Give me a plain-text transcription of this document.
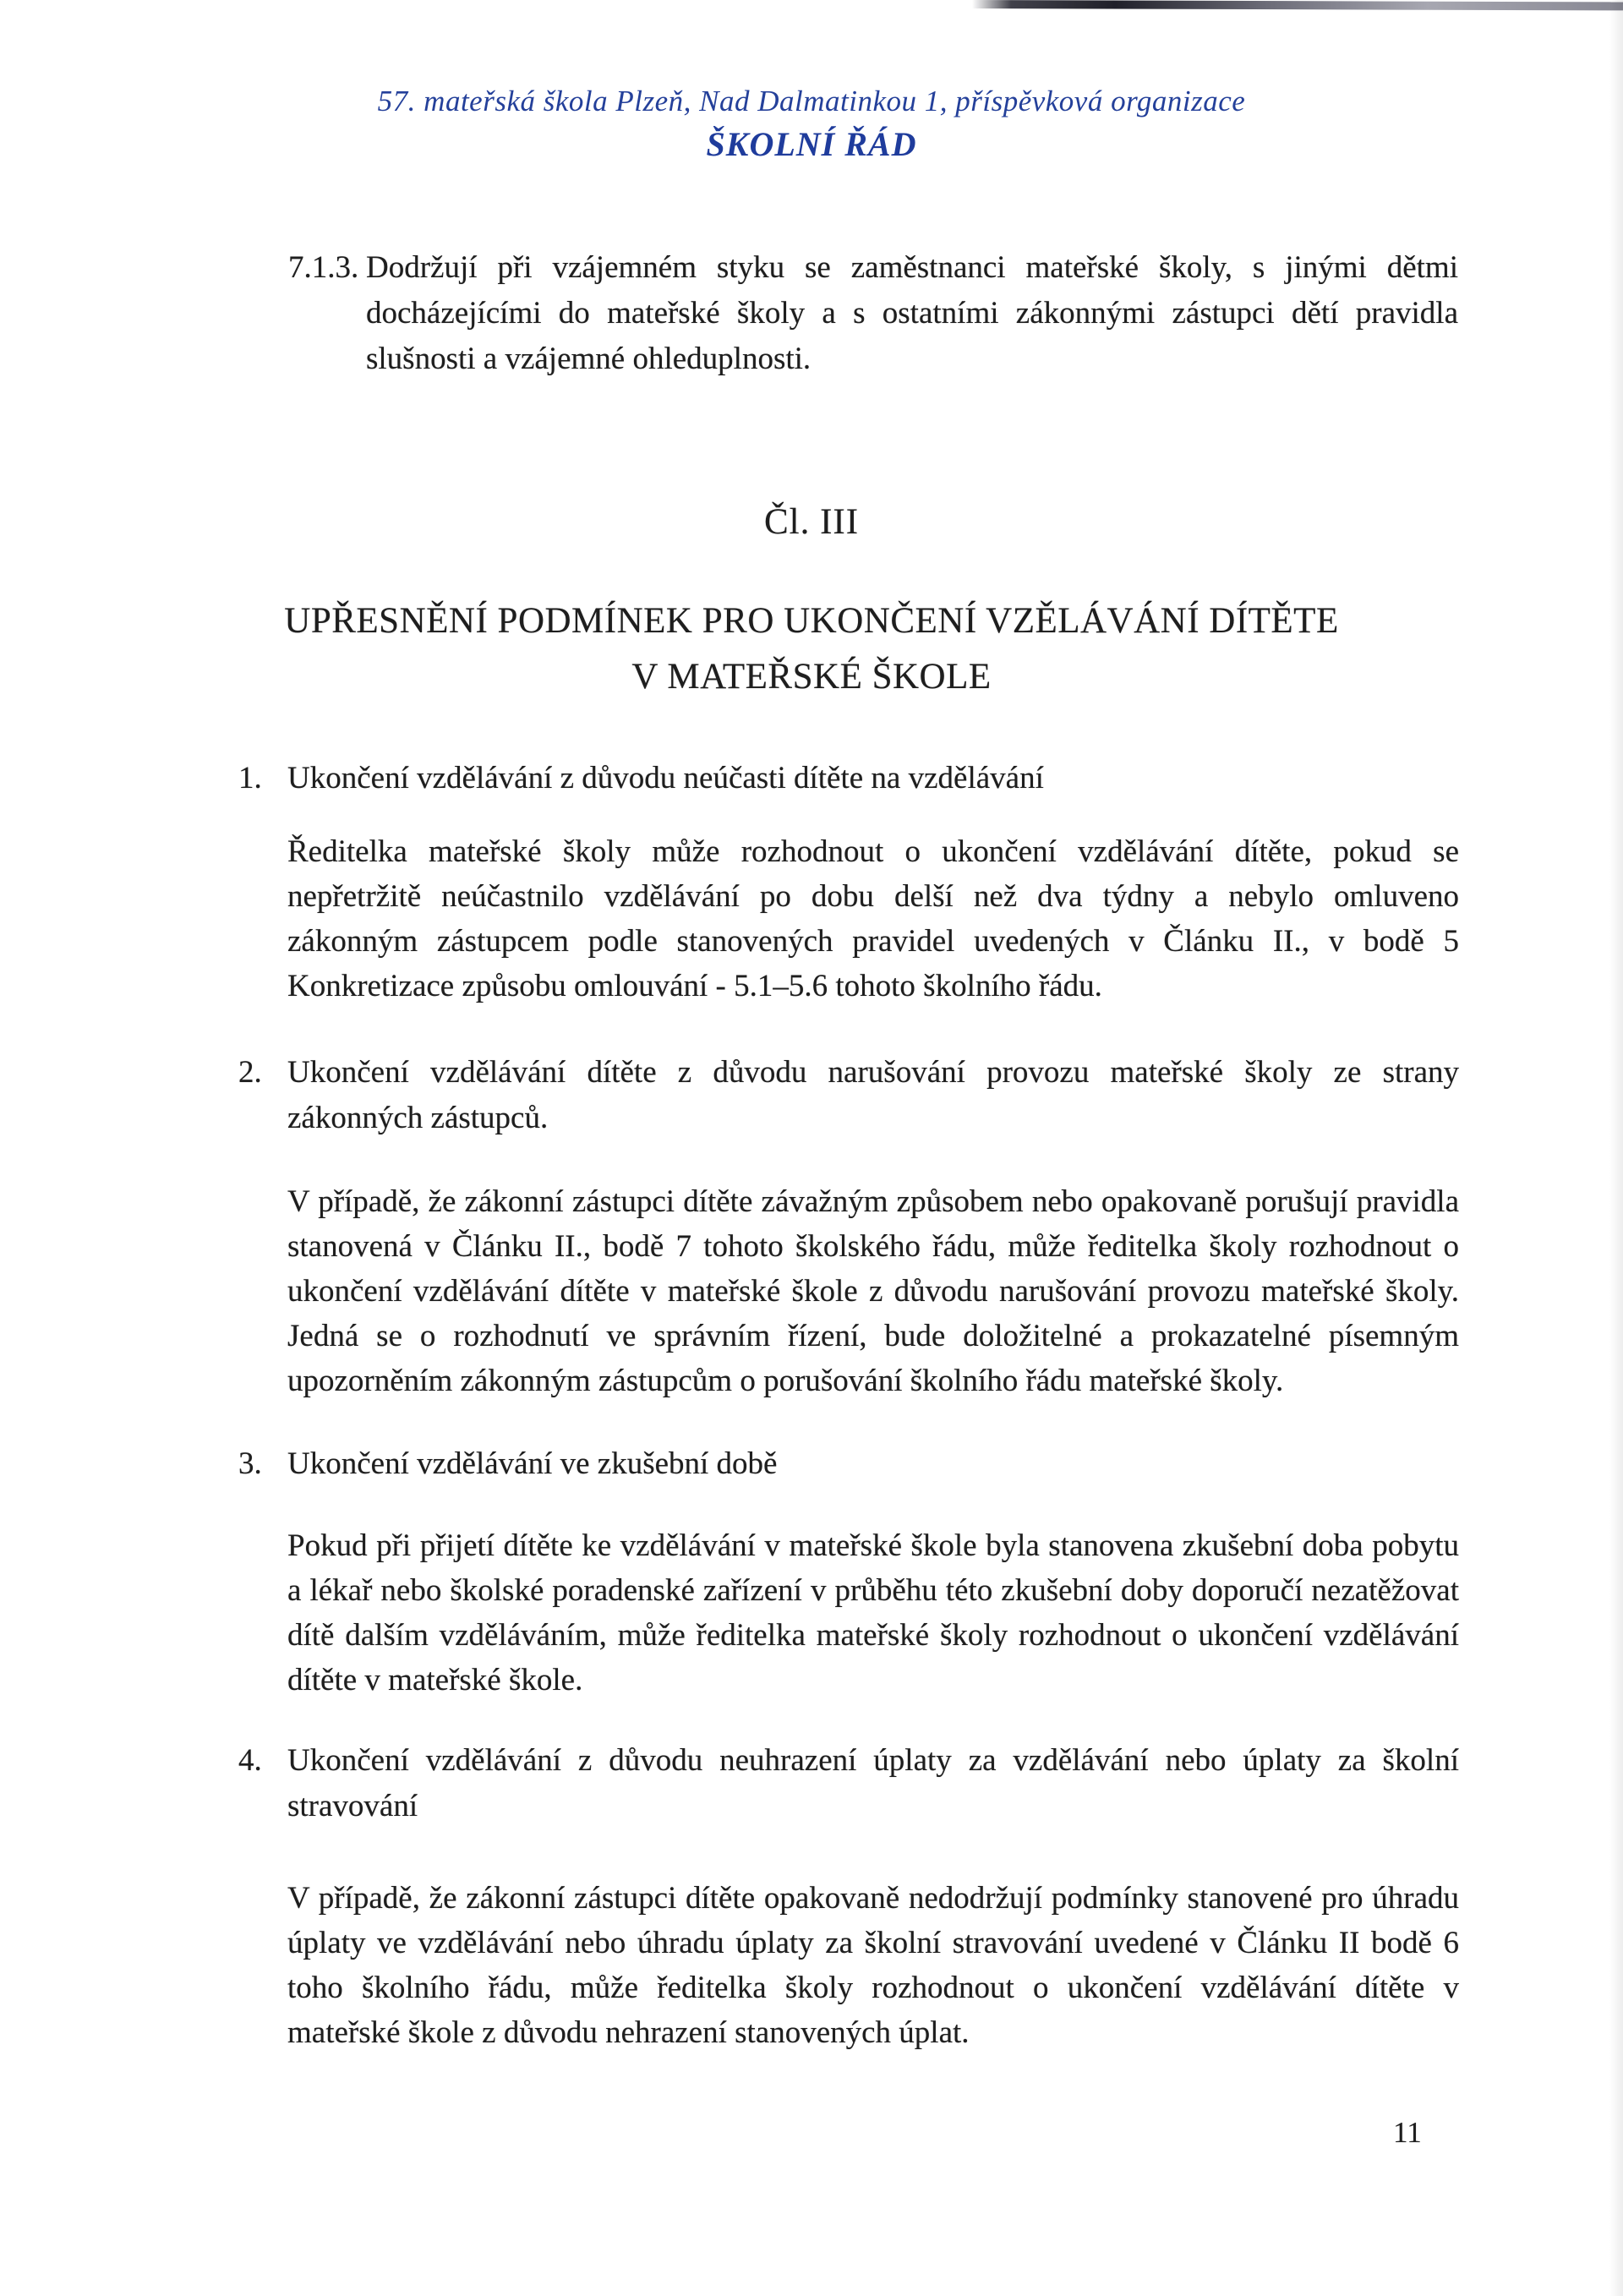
57. mateřská škola Plzeň, Nad Dalmatinkou 1, příspěvková organizace
ŠKOLNÍ ŘÁD
7.1.3. Dodržují při vzájemném styku se zaměstnanci mateřské školy, s jinými dětmi docházejícími do mateřské školy a s ostatními zákonnými zástupci dětí pravidla slušnosti a vzájemné ohleduplnosti.
Čl. III
UPŘESNĚNÍ PODMÍNEK PRO UKONČENÍ VZĚLÁVÁNÍ DÍTĚTE
V MATEŘSKÉ ŠKOLE
1. Ukončení vzdělávání z důvodu neúčasti dítěte na vzdělávání
Ředitelka mateřské školy může rozhodnout o ukončení vzdělávání dítěte, pokud se nepřetržitě neúčastnilo vzdělávání po dobu delší než dva týdny a nebylo omluveno zákonným zástupcem podle stanovených pravidel uvedených v Článku II., v bodě 5 Konkretizace způsobu omlouvání - 5.1–5.6 tohoto školního řádu.
2. Ukončení vzdělávání dítěte z důvodu narušování provozu mateřské školy ze strany zákonných zástupců.
V případě, že zákonní zástupci dítěte závažným způsobem nebo opakovaně porušují pravidla stanovená v Článku II., bodě 7 tohoto školského řádu, může ředitelka školy rozhodnout o ukončení vzdělávání dítěte v mateřské škole z důvodu narušování provozu mateřské školy. Jedná se o rozhodnutí ve správním řízení, bude doložitelné a prokazatelné písemným upozorněním zákonným zástupcům o porušování školního řádu mateřské školy.
3. Ukončení vzdělávání ve zkušební době
Pokud při přijetí dítěte ke vzdělávání v mateřské škole byla stanovena zkušební doba pobytu a lékař nebo školské poradenské zařízení v průběhu této zkušební doby doporučí nezatěžovat dítě dalším vzděláváním, může ředitelka mateřské školy rozhodnout o ukončení vzdělávání dítěte v mateřské škole.
4. Ukončení vzdělávání z důvodu neuhrazení úplaty za vzdělávání nebo úplaty za školní stravování
V případě, že zákonní zástupci dítěte opakovaně nedodržují podmínky stanovené pro úhradu úplaty ve vzdělávání nebo úhradu úplaty za školní stravování uvedené v Článku II bodě 6 toho školního řádu, může ředitelka školy rozhodnout o ukončení vzdělávání dítěte v mateřské škole z důvodu nehrazení stanovených úplat.
11
